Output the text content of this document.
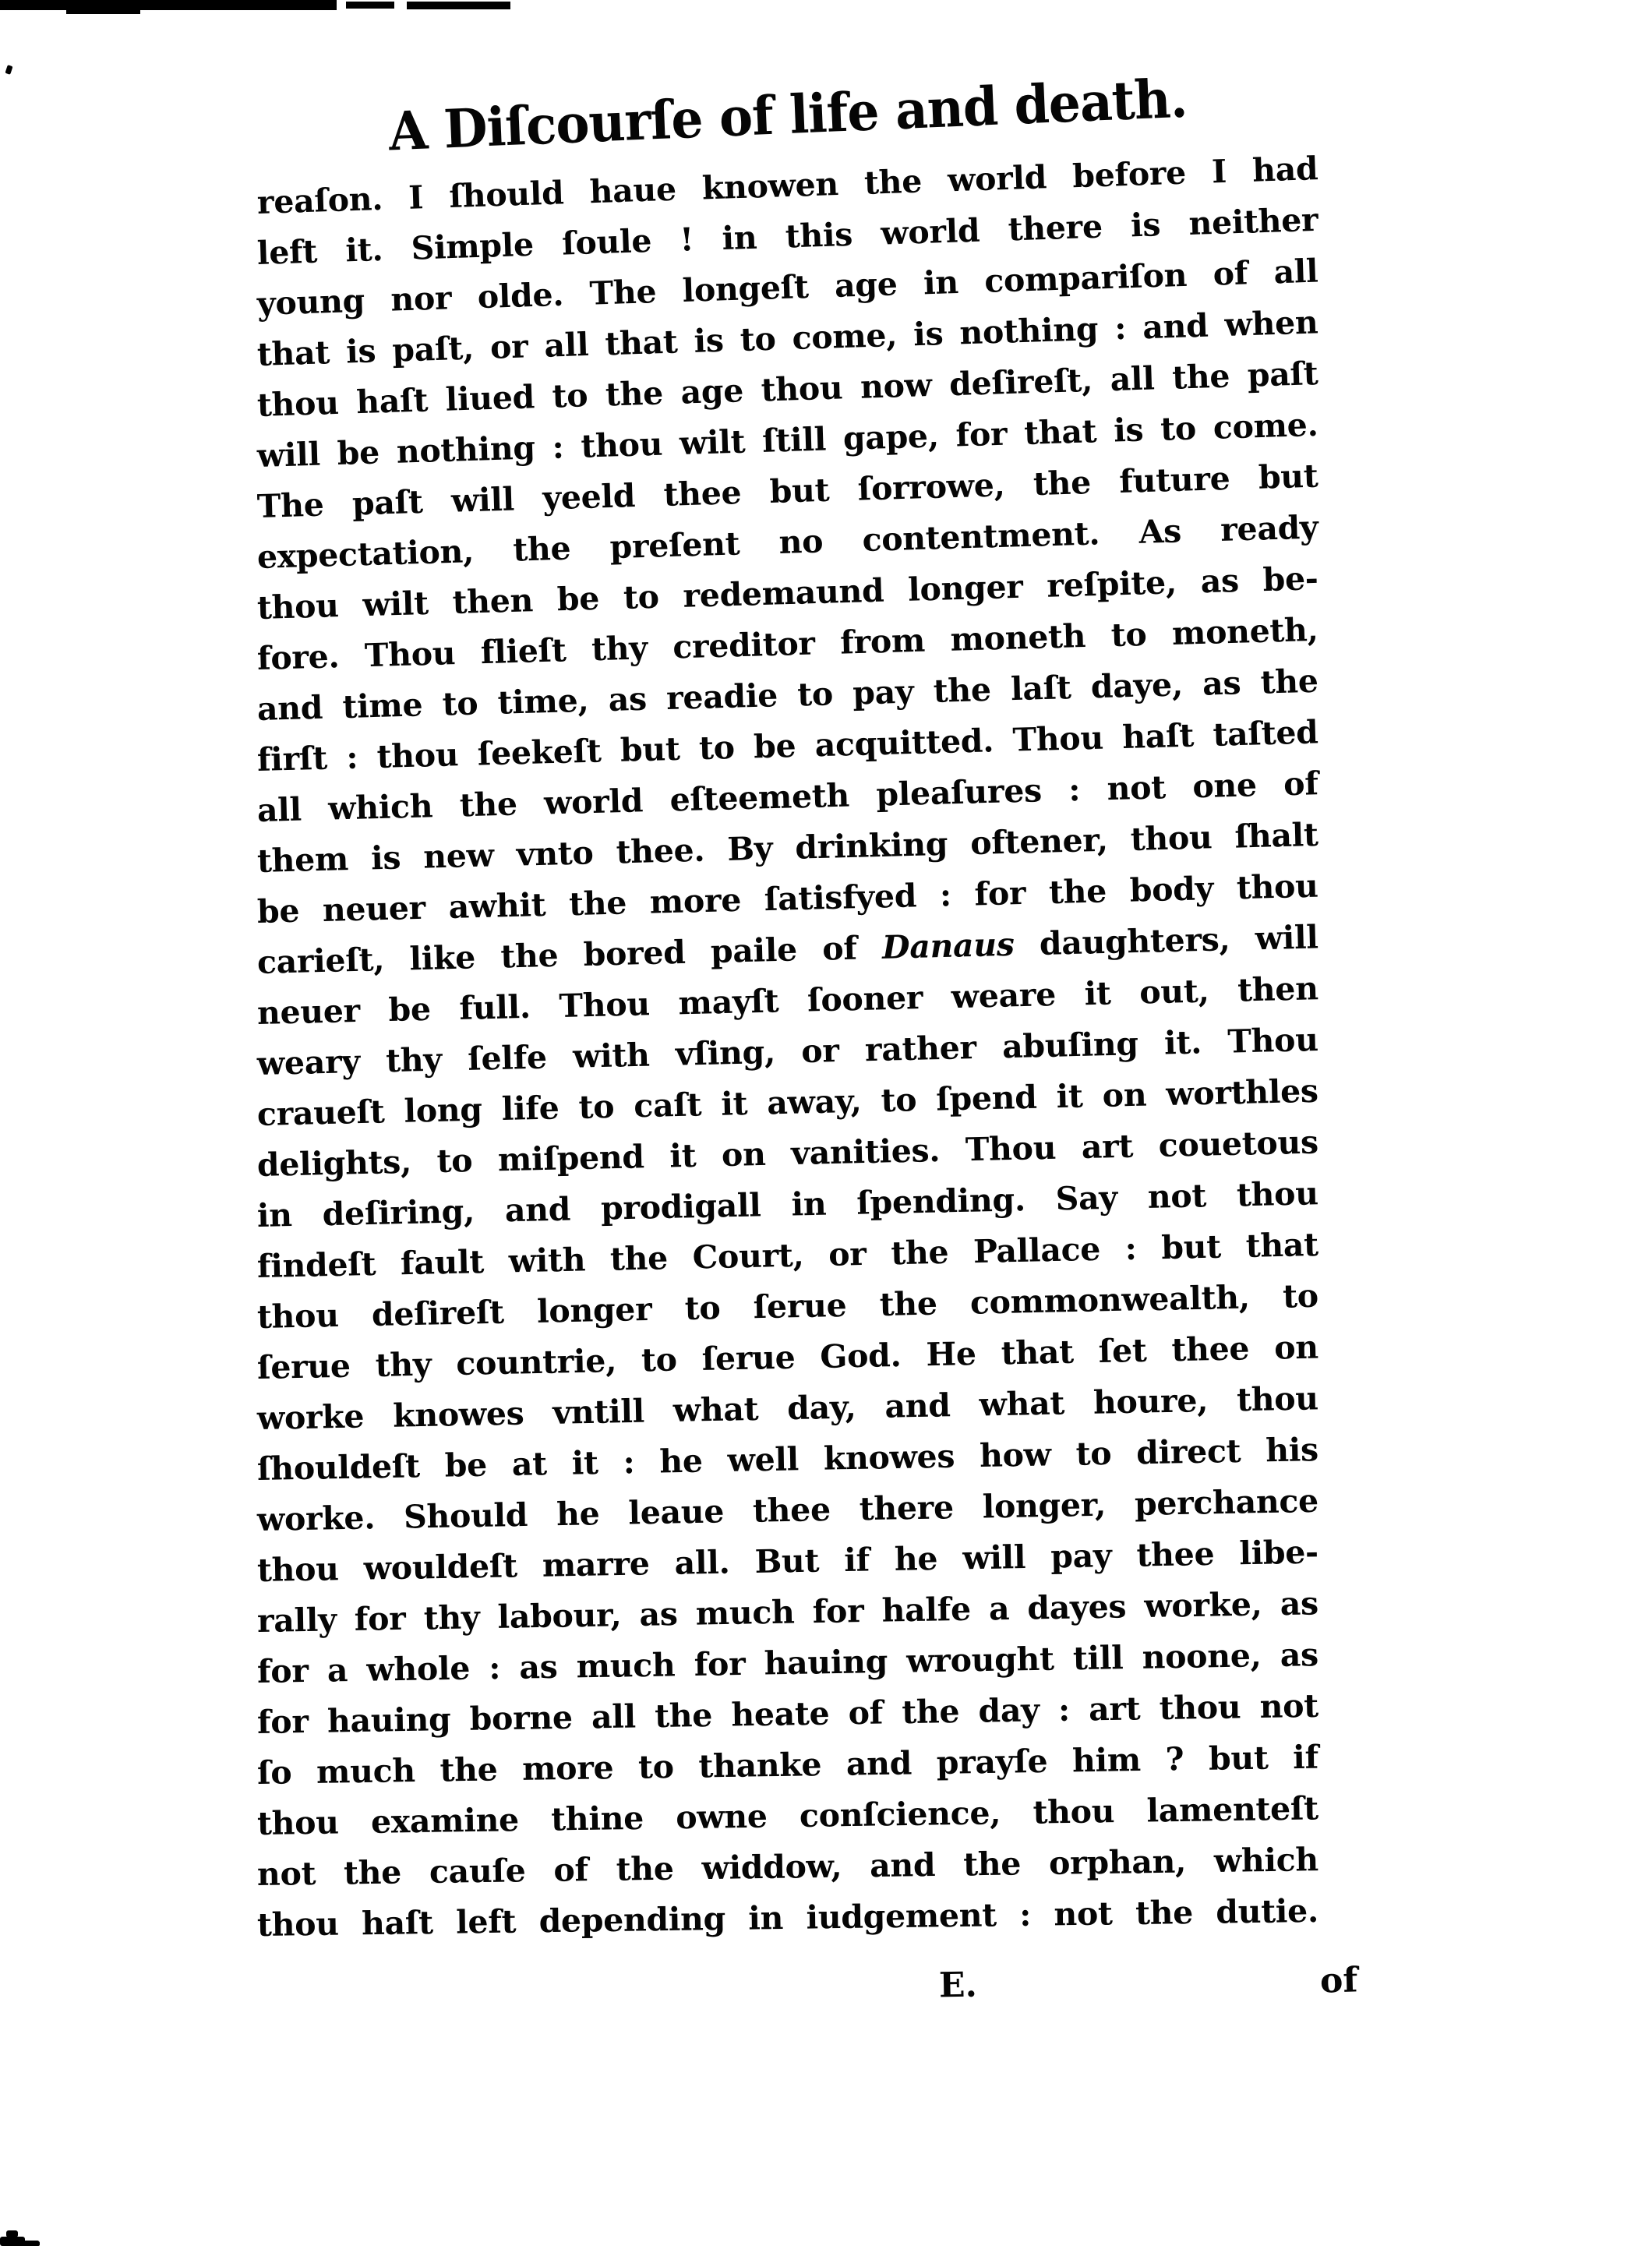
A Diſcourſe of life and death.
reaſon. I ſhould haue knowen the world before I had
left it. Simple ſoule ! in this world there is neither
young nor olde. The longeſt age in compariſon of all
that is paſt, or all that is to come, is nothing : and when
thou haſt liued to the age thou now deſireſt, all the paſt
will be nothing : thou wilt ſtill gape, for that is to come.
The paſt will yeeld thee but ſorrowe, the future but
expectation, the preſent no contentment. As ready
thou wilt then be to redemaund longer reſpite, as be-
fore. Thou flieſt thy creditor from moneth to moneth,
and time to time, as readie to pay the laſt daye, as the
firſt : thou ſeekeſt but to be acquitted. Thou haſt taſted
all which the world eſteemeth pleaſures : not one of
them is new vnto thee. By drinking oftener, thou ſhalt
be neuer awhit the more ſatisfyed : for the body thou
carieſt, like the bored paile of Danaus daughters, will
neuer be full. Thou mayſt ſooner weare it out, then
weary thy ſelfe with vſing, or rather abuſing it. Thou
craueſt long life to caſt it away, to ſpend it on worthles
delights, to miſpend it on vanities. Thou art couetous
in deſiring, and prodigall in ſpending. Say not thou
findeſt fault with the Court, or the Pallace : but that
thou deſireſt longer to ſerue the commonwealth, to
ſerue thy countrie, to ſerue God. He that ſet thee on
worke knowes vntill what day, and what houre, thou
ſhouldeſt be at it : he well knowes how to direct his
worke. Should he leaue thee there longer, perchance
thou wouldeſt marre all. But if he will pay thee libe-
rally for thy labour, as much for halfe a dayes worke, as
for a whole : as much for hauing wrought till noone, as
for hauing borne all the heate of the day : art thou not
ſo much the more to thanke and prayſe him ? but if
thou examine thine owne conſcience, thou lamenteſt
not the cauſe of the widdow, and the orphan, which
thou haſt left depending in iudgement : not the dutie.
E.	of
